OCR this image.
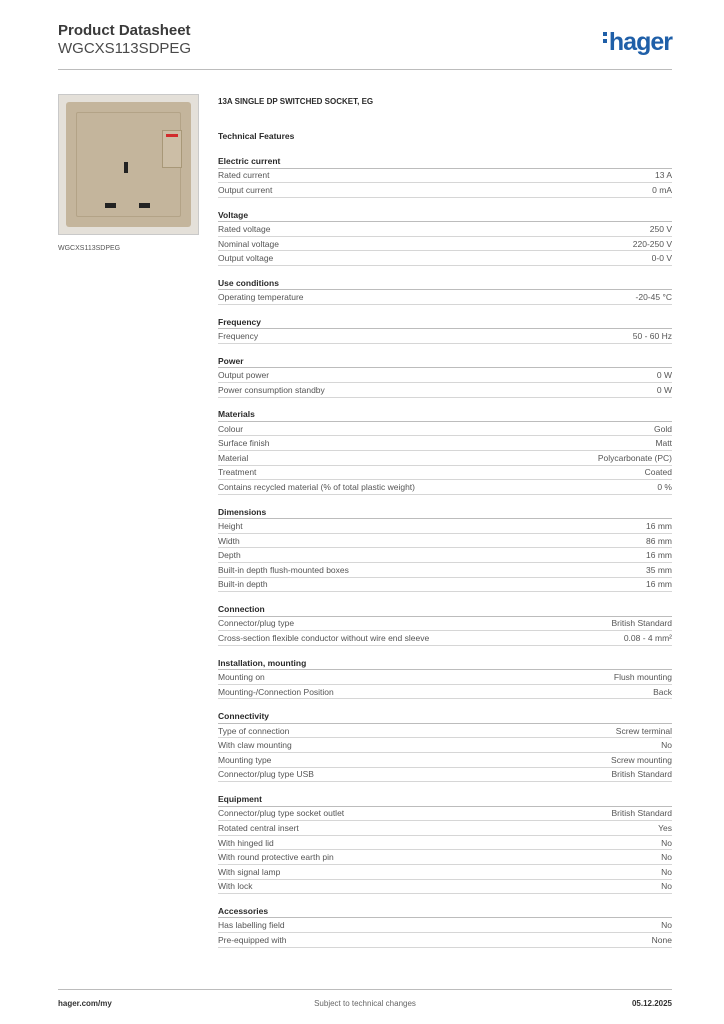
Product Datasheet
WGCXS113SDPEG	hager
WGCXS113SDPEG
13A SINGLE DP SWITCHED SOCKET, EG
Technical Features
Electric current
Rated current	13 A
Output current	0 mA
Voltage
Rated voltage	250 V
Nominal voltage	220-250 V
Output voltage	0-0 V
Use conditions
Operating temperature	-20-45 °C
Frequency
Frequency	50 - 60 Hz
Power
Output power	0 W
Power consumption standby	0 W
Materials
Colour	Gold
Surface finish	Matt
Material	Polycarbonate (PC)
Treatment	Coated
Contains recycled material (% of total plastic weight)	0 %
Dimensions
Height	16 mm
Width	86 mm
Depth	16 mm
Built-in depth flush-mounted boxes	35 mm
Built-in depth	16 mm
Connection
Connector/plug type	British Standard
Cross-section flexible conductor without wire end sleeve	0.08 - 4 mm²
Installation, mounting
Mounting on	Flush mounting
Mounting-/Connection Position	Back
Connectivity
Type of connection	Screw terminal
With claw mounting	No
Mounting type	Screw mounting
Connector/plug type USB	British Standard
Equipment
Connector/plug type socket outlet	British Standard
Rotated central insert	Yes
With hinged lid	No
With round protective earth pin	No
With signal lamp	No
With lock	No
Accessories
Has labelling field	No
Pre-equipped with	None
hager.com/my	Subject to technical changes	05.12.2025
